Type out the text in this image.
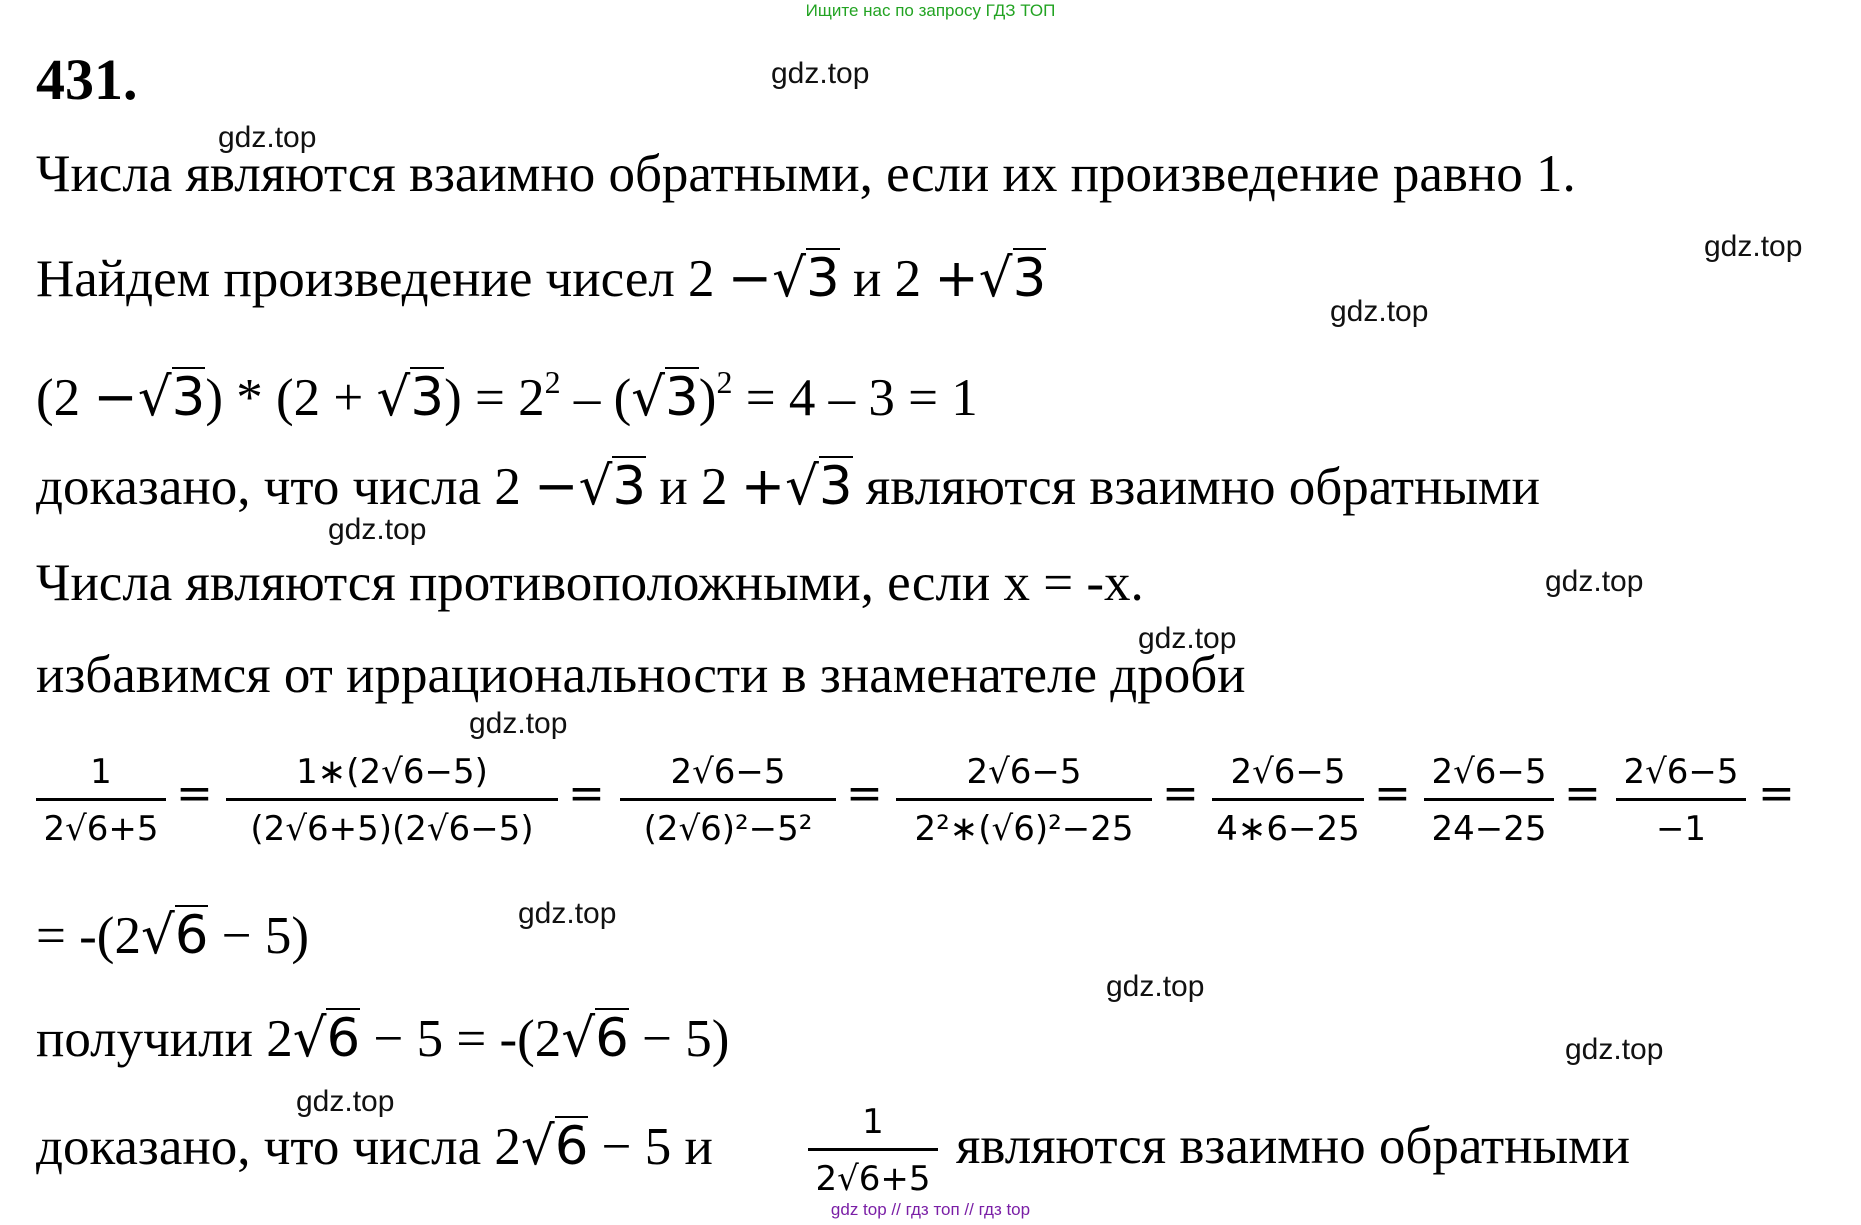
Ищите нас по запросу ГДЗ ТОП
431.	gdz.top
gdz.top
gdz.top
gdz.top
gdz.top
gdz.top
gdz.top
gdz.top
gdz.top
gdz.top
gdz.top
gdz.top
Числа являются взаимно обратными, если их произведение равно 1.
Найдем произведение чисел 2 −√3 и 2 +√3
$(2 -√3) * (2 + √3) = 2^2 - (√3)^2 = 4 - 3 = 1$
доказано, что числа 2 −√3 и 2 +√3 являются взаимно обратными
Числа являются противоположными, если x = -x.
избавимся от иррациональности в знаменателе дроби
$\frac{1}{2√6+5} = \frac{1∗(2√6-5)}{(2√6+5)(2√6-5)} = \frac{2√6-5}{\text{(2√6)²−5²}} = \frac{2√6-5}{\text{2²∗(√6)²−25}} = \frac{2√6-5}{4∗6-25} = \frac{2√6-5}{24-25} = \frac{2√6-5}{-1}$ =
= -(2√6 − 5)
получили 2√6 − 5 = -(2√6 − 5)
доказано, что числа 2√6 − 5 и	$\frac{1}{2√6+5}$ являются взаимно обратными
gdz top // гдз топ // гдз top
